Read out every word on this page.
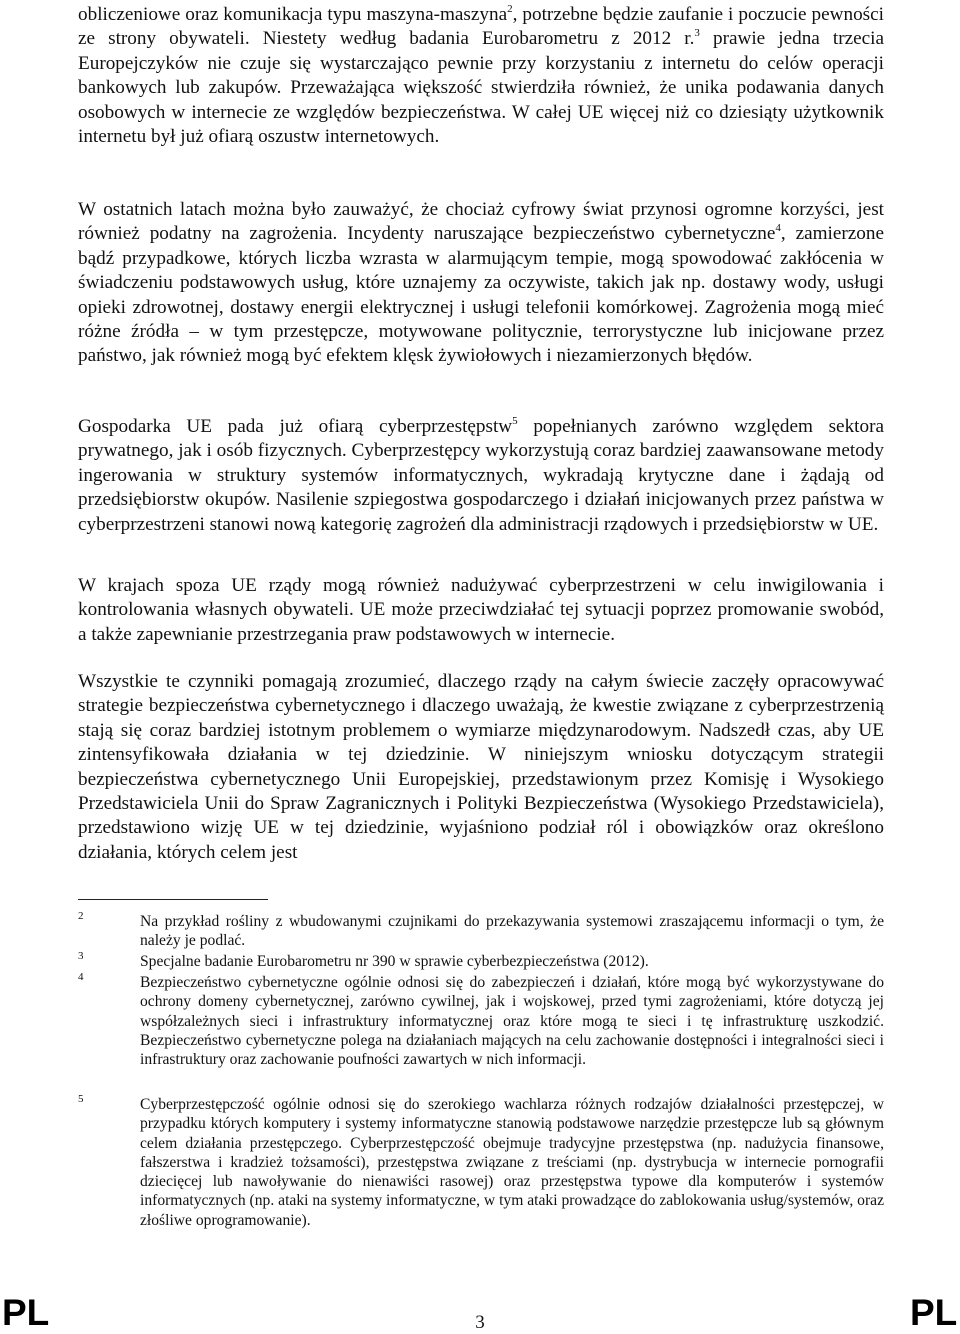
obliczeniowe oraz komunikacja typu maszyna-maszyna$^2$, potrzebne będzie zaufanie i poczucie pewności ze strony obywateli. Niestety według badania Eurobarometru z 2012 r.$^3$ prawie jedna trzecia Europejczyków nie czuje się wystarczająco pewnie przy korzystaniu z internetu do celów operacji bankowych lub zakupów. Przeważająca większość stwierdziła również, że unika podawania danych osobowych w internecie ze względów bezpieczeństwa. W całej UE więcej niż co dziesiąty użytkownik internetu był już ofiarą oszustw internetowych.

W ostatnich latach można było zauważyć, że chociaż cyfrowy świat przynosi ogromne korzyści, jest również podatny na zagrożenia. Incydenty naruszające bezpieczeństwo cybernetyczne$^4$, zamierzone bądź przypadkowe, których liczba wzrasta w alarmującym tempie, mogą spowodować zakłócenia w świadczeniu podstawowych usług, które uznajemy za oczywiste, takich jak np. dostawy wody, usługi opieki zdrowotnej, dostawy energii elektrycznej i usługi telefonii komórkowej. Zagrożenia mogą mieć różne źródła – w tym przestępcze, motywowane politycznie, terrorystyczne lub inicjowane przez państwo, jak również mogą być efektem klęsk żywiołowych i niezamierzonych błędów.

Gospodarka UE pada już ofiarą cyberprzestępstw$^5$ popełnianych zarówno względem sektora prywatnego, jak i osób fizycznych. Cyberprzestępcy wykorzystują coraz bardziej zaawansowane metody ingerowania w struktury systemów informatycznych, wykradają krytyczne dane i żądają od przedsiębiorstw okupów. Nasilenie szpiegostwa gospodarczego i działań inicjowanych przez państwa w cyberprzestrzeni stanowi nową kategorię zagrożeń dla administracji rządowych i przedsiębiorstw w UE.

W krajach spoza UE rządy mogą również nadużywać cyberprzestrzeni w celu inwigilowania i kontrolowania własnych obywateli. UE może przeciwdziałać tej sytuacji poprzez promowanie swobód, a także zapewnianie przestrzegania praw podstawowych w internecie.

Wszystkie te czynniki pomagają zrozumieć, dlaczego rządy na całym świecie zaczęły opracowywać strategie bezpieczeństwa cybernetycznego i dlaczego uważają, że kwestie związane z cyberprzestrzenią stają się coraz bardziej istotnym problemem o wymiarze międzynarodowym. Nadszedł czas, aby UE zintensyfikowała działania w tej dziedzinie. W niniejszym wniosku dotyczącym strategii bezpieczeństwa cybernetycznego Unii Europejskiej, przedstawionym przez Komisję i Wysokiego Przedstawiciela Unii do Spraw Zagranicznych i Polityki Bezpieczeństwa (Wysokiego Przedstawiciela), przedstawiono wizję UE w tej dziedzinie, wyjaśniono podział ról i obowiązków oraz określono działania, których celem jest

2	Na przykład rośliny z wbudowanymi czujnikami do przekazywania systemowi zraszającemu informacji o tym, że należy je podlać.
3	Specjalne badanie Eurobarometru nr 390 w sprawie cyberbezpieczeństwa (2012).
4	Bezpieczeństwo cybernetyczne ogólnie odnosi się do zabezpieczeń i działań, które mogą być wykorzystywane do ochrony domeny cybernetycznej, zarówno cywilnej, jak i wojskowej, przed tymi zagrożeniami, które dotyczą jej współzależnych sieci i infrastruktury informatycznej oraz które mogą te sieci i tę infrastrukturę uszkodzić. Bezpieczeństwo cybernetyczne polega na działaniach mających na celu zachowanie dostępności i integralności sieci i infrastruktury oraz zachowanie poufności zawartych w nich informacji.
5	Cyberprzestępczość ogólnie odnosi się do szerokiego wachlarza różnych rodzajów działalności przestępczej, w przypadku których komputery i systemy informatyczne stanowią podstawowe narzędzie przestępcze lub są głównym celem działania przestępczego. Cyberprzestępczość obejmuje tradycyjne przestępstwa (np. nadużycia finansowe, fałszerstwa i kradzież tożsamości), przestępstwa związane z treściami (np. dystrybucja w internecie pornografii dziecięcej lub nawoływanie do nienawiści rasowej) oraz przestępstwa typowe dla komputerów i systemów informatycznych (np. ataki na systemy informatyczne, w tym ataki prowadzące do zablokowania usług/systemów, oraz złośliwe oprogramowanie).
PL	3	PL
